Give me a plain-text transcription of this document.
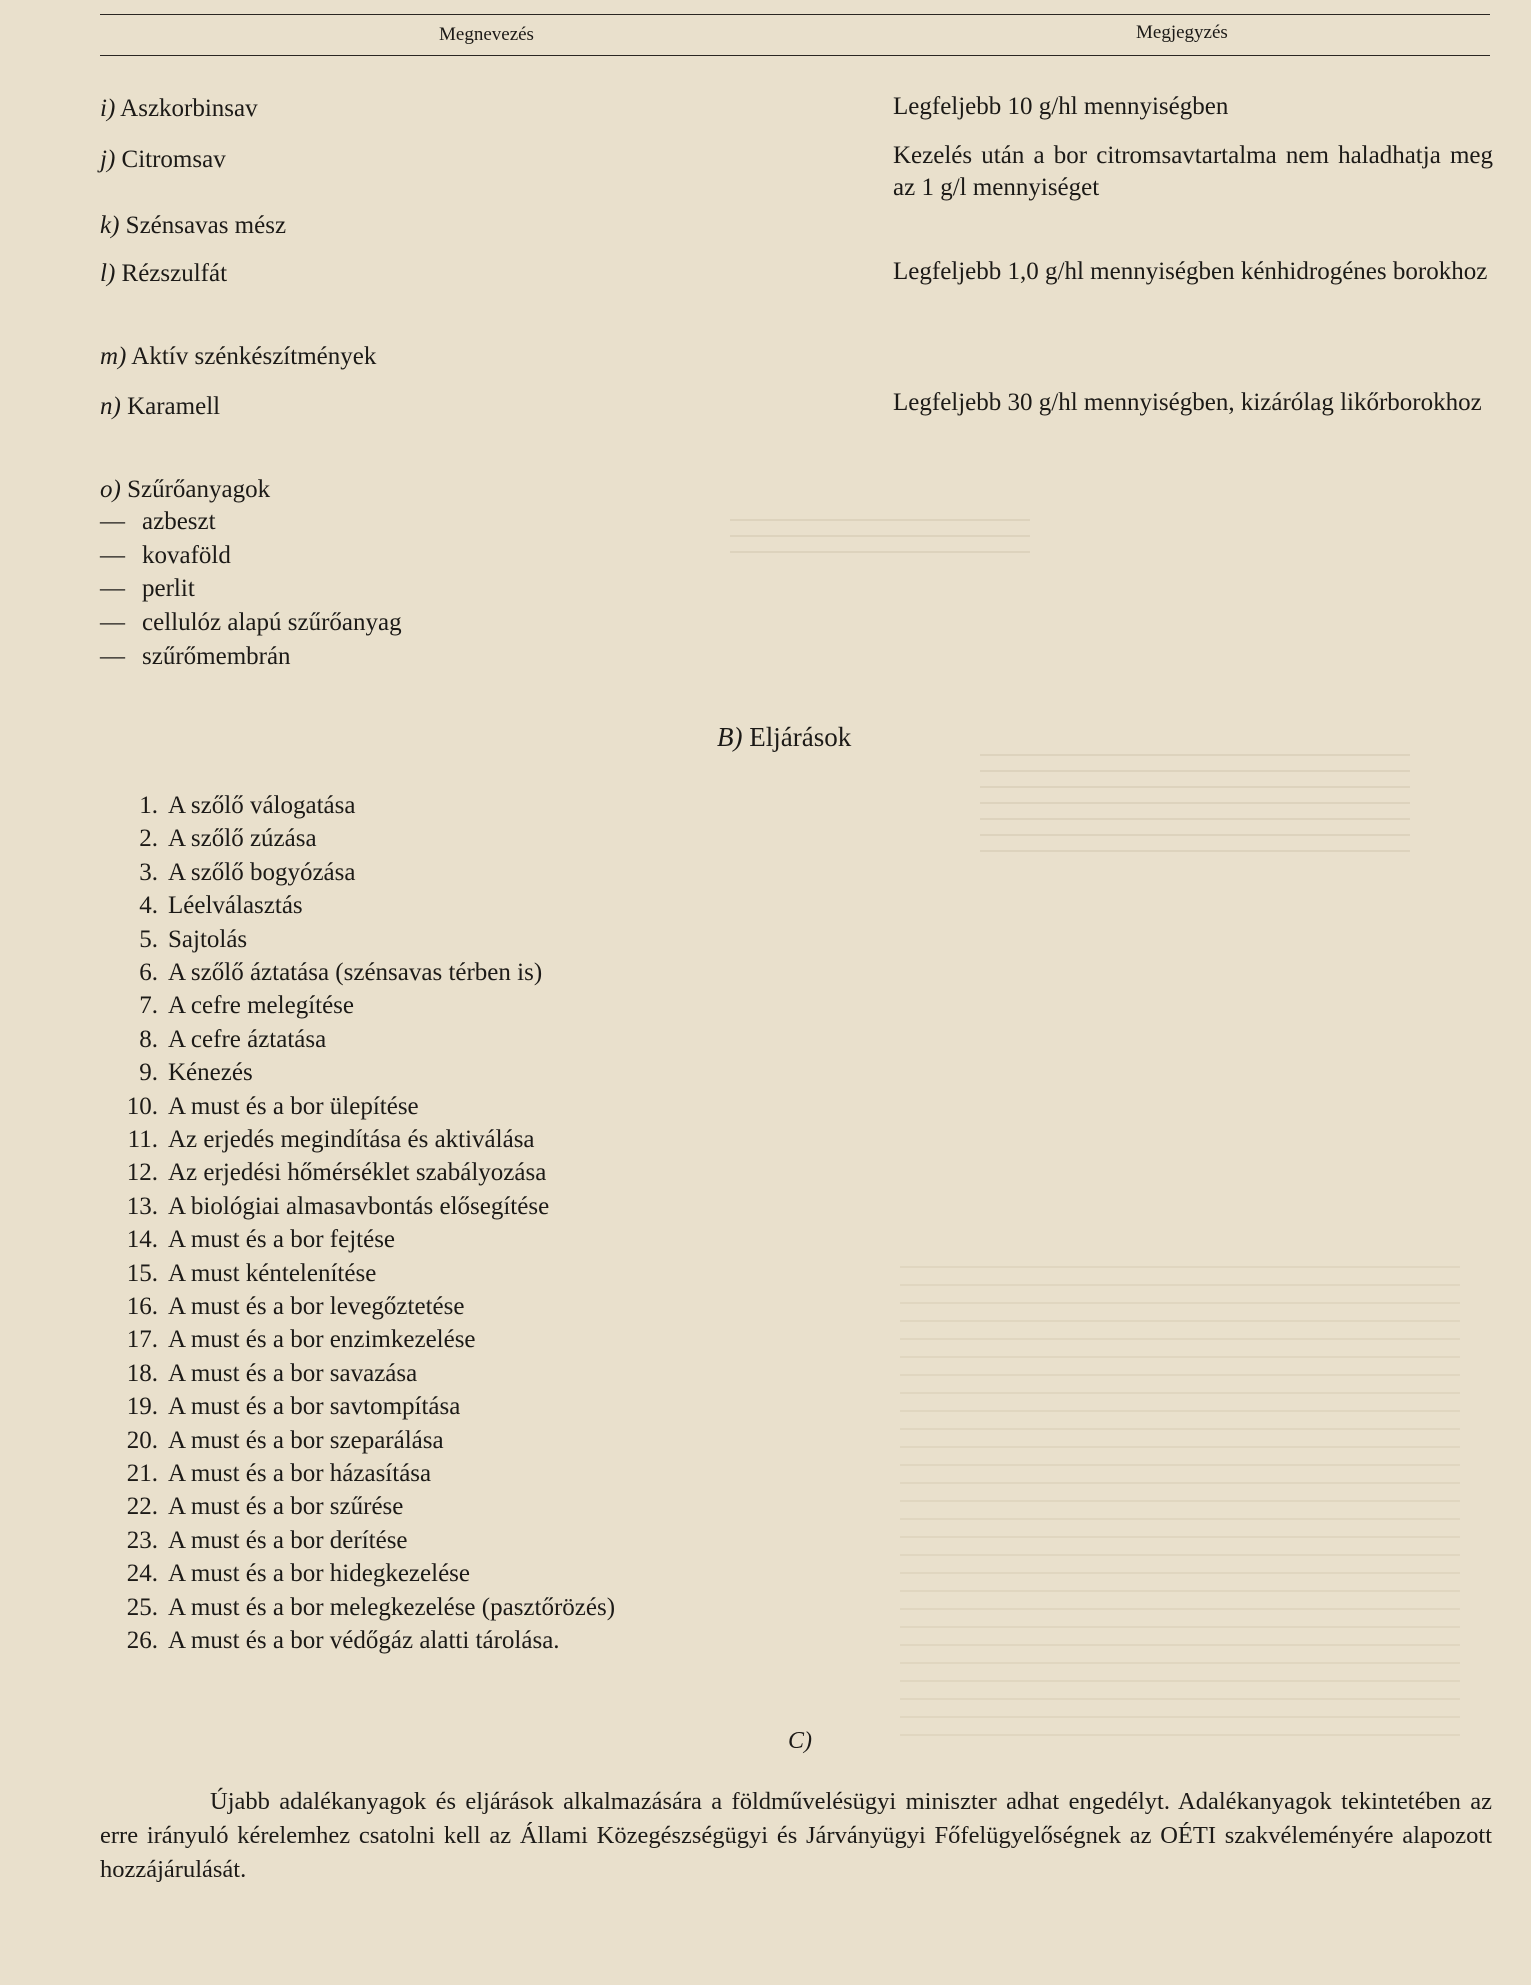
Megnevezés	Megjegyzés
i) Aszkorbinsav	Legfeljebb 10 g/hl mennyiségben
j) Citromsav	Kezelés után a bor citromsavtartalma nem haladhatja meg az 1 g/l mennyiséget
k) Szénsavas mész
l) Rézszulfát	Legfeljebb 1,0 g/hl mennyiségben kénhidrogénes borokhoz
m) Aktív szénkészítmények
n) Karamell	Legfeljebb 30 g/hl mennyiségben, kizárólag likőrborokhoz
o) Szűrőanyagok
— azbeszt
— kovaföld
— perlit
— cellulóz alapú szűrőanyag
— szűrőmembrán
B) Eljárások
1. A szőlő válogatása
2. A szőlő zúzása
3. A szőlő bogyózása
4. Léelválasztás
5. Sajtolás
6. A szőlő áztatása (szénsavas térben is)
7. A cefre melegítése
8. A cefre áztatása
9. Kénezés
10. A must és a bor ülepítése
11. Az erjedés megindítása és aktiválása
12. Az erjedési hőmérséklet szabályozása
13. A biológiai almasavbontás elősegítése
14. A must és a bor fejtése
15. A must kéntelenítése
16. A must és a bor levegőztetése
17. A must és a bor enzimkezelése
18. A must és a bor savazása
19. A must és a bor savtompítása
20. A must és a bor szeparálása
21. A must és a bor házasítása
22. A must és a bor szűrése
23. A must és a bor derítése
24. A must és a bor hidegkezelése
25. A must és a bor melegkezelése (pasztőrözés)
26. A must és a bor védőgáz alatti tárolása.
C)
Újabb adalékanyagok és eljárások alkalmazására a földművelésügyi miniszter adhat engedélyt. Adalékanyagok tekintetében az erre irányuló kérelemhez csatolni kell az Állami Közegészségügyi és Járványügyi Főfelügyelőségnek az OÉTI szakvéleményére alapozott hozzájárulását.
